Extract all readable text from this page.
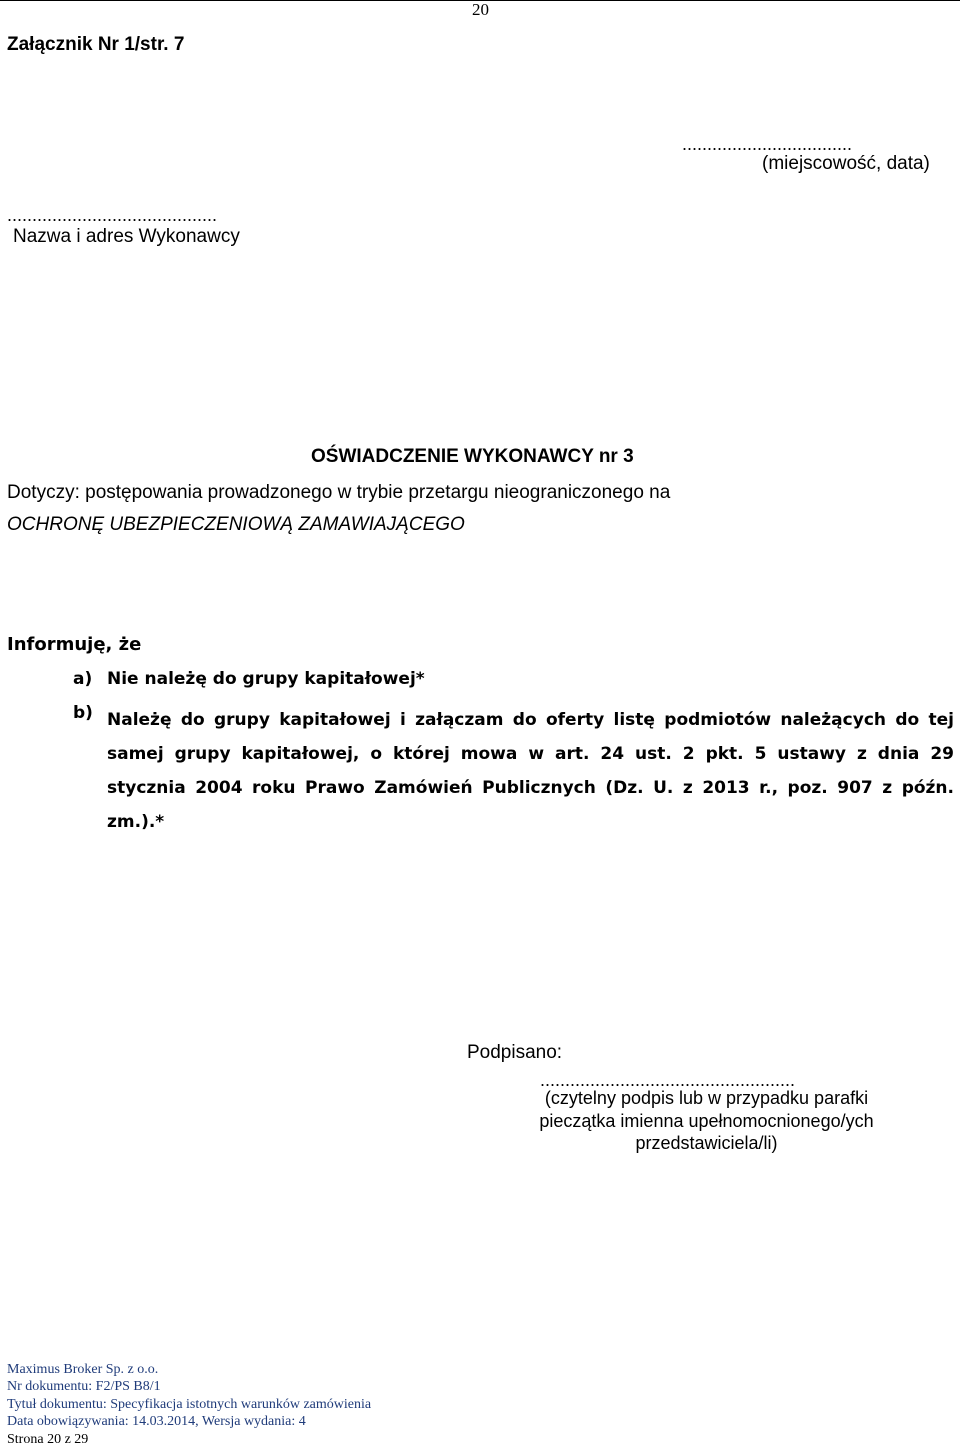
20
Załącznik Nr 1/str. 7
..................................
(miejscowość, data)
..........................................
Nazwa i adres Wykonawcy
OŚWIADCZENIE WYKONAWCY nr 3
Dotyczy: postępowania prowadzonego w trybie przetargu nieograniczonego na
OCHRONĘ UBEZPIECZENIOWĄ ZAMAWIAJĄCEGO
Informuję, że
a) Nie należę do grupy kapitałowej*
b) Należę do grupy kapitałowej i załączam do oferty listę podmiotów należących do tej samej grupy kapitałowej, o której mowa w art. 24 ust. 2 pkt. 5 ustawy z dnia 29 stycznia 2004 roku Prawo Zamówień Publicznych (Dz. U. z 2013 r., poz. 907 z późn. zm.).*
Podpisano:
...................................................
(czytelny podpis lub w przypadku parafki
pieczątka imienna upełnomocnionego/ych
przedstawiciela/li)
Maximus Broker Sp. z o.o.
Nr dokumentu: F2/PS B8/1
Tytuł dokumentu: Specyfikacja istotnych warunków zamówienia
Data obowiązywania: 14.03.2014, Wersja wydania: 4
Strona 20 z 29
